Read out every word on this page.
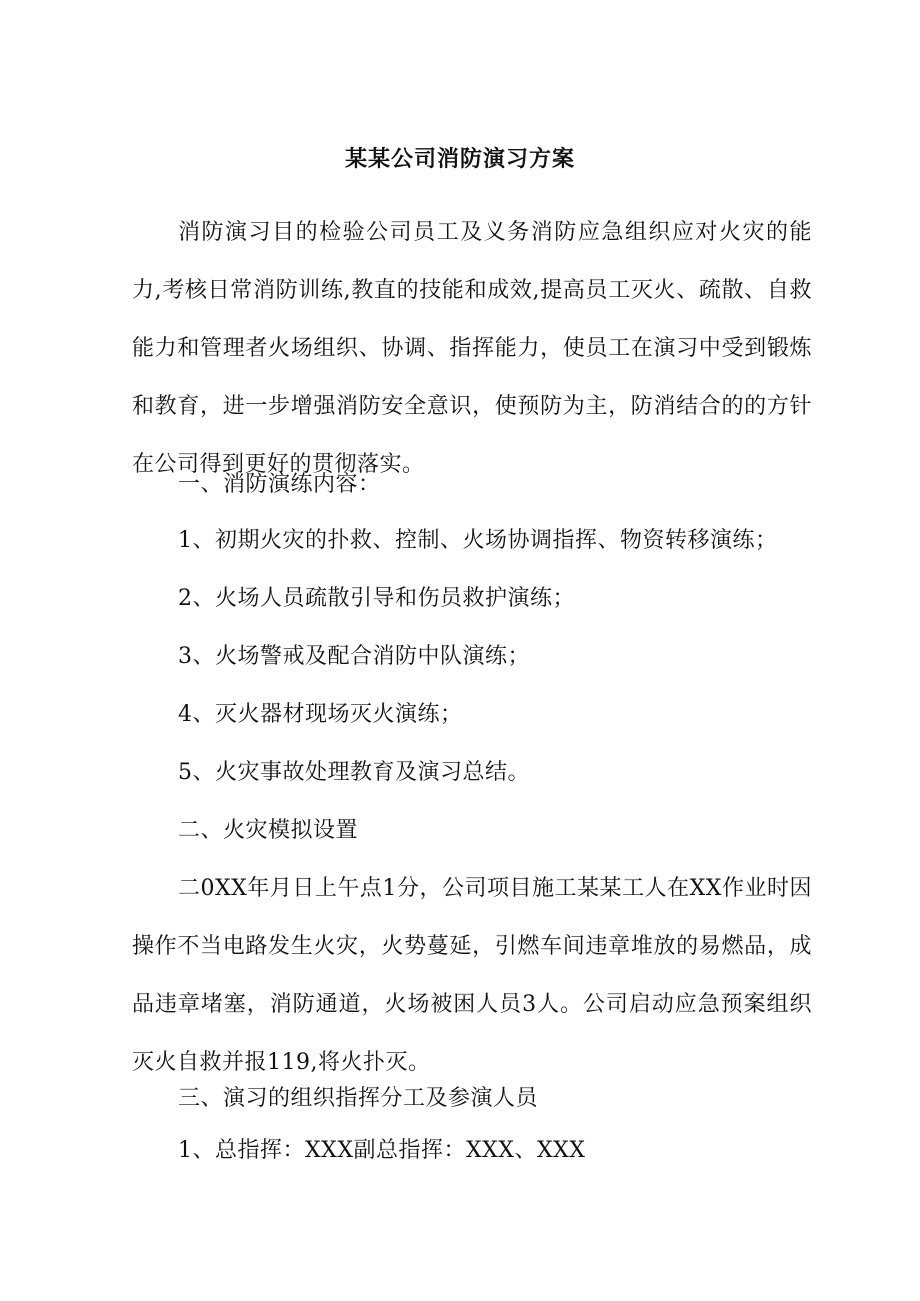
某某公司消防演习方案

消防演习目的检验公司员工及义务消防应急组织应对火灾的能力,考核日常消防训练,教直的技能和成效,提高员工灭火、疏散、自救能力和管理者火场组织、协调、指挥能力，使员工在演习中受到锻炼和教育，进一步增强消防安全意识，使预防为主，防消结合的的方针在公司得到更好的贯彻落实。

一、消防演练内容：

1、初期火灾的扑救、控制、火场协调指挥、物资转移演练；

2、火场人员疏散引导和伤员救护演练；

3、火场警戒及配合消防中队演练；

4、灭火器材现场灭火演练；

5、火灾事故处理教育及演习总结。

二、火灾模拟设置

二0XX年月日上午点1分，公司项目施工某某工人在XX作业时因操作不当电路发生火灾，火势蔓延，引燃车间违章堆放的易燃品，成品违章堵塞，消防通道，火场被困人员3人。公司启动应急预案组织灭火自救并报119,将火扑灭。

三、演习的组织指挥分工及参演人员

1、总指挥：XXX副总指挥：XXX、XXX
